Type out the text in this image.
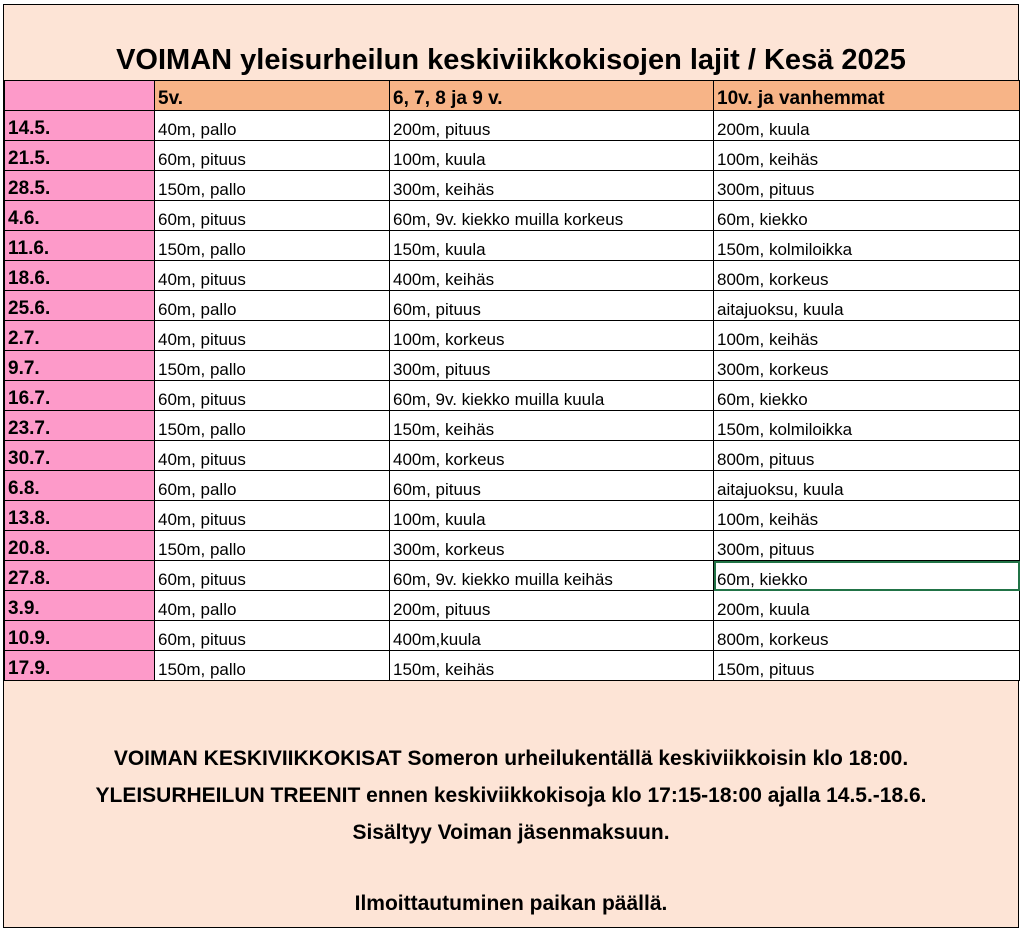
VOIMAN yleisurheilun keskiviikkokisojen lajit / Kesä 2025
	5v.	6, 7, 8 ja 9 v.	10v. ja vanhemmat
14.5.	40m, pallo	200m, pituus	200m, kuula
21.5.	60m, pituus	100m, kuula	100m, keihäs
28.5.	150m, pallo	300m, keihäs	300m, pituus
4.6.	60m, pituus	60m, 9v. kiekko muilla korkeus	60m, kiekko
11.6.	150m, pallo	150m, kuula	150m, kolmiloikka
18.6.	40m, pituus	400m, keihäs	800m, korkeus
25.6.	60m, pallo	60m, pituus	aitajuoksu, kuula
2.7.	40m, pituus	100m, korkeus	100m, keihäs
9.7.	150m, pallo	300m, pituus	300m, korkeus
16.7.	60m, pituus	60m, 9v. kiekko muilla kuula	60m, kiekko
23.7.	150m, pallo	150m, keihäs	150m, kolmiloikka
30.7.	40m, pituus	400m, korkeus	800m, pituus
6.8.	60m, pallo	60m, pituus	aitajuoksu, kuula
13.8.	40m, pituus	100m, kuula	100m, keihäs
20.8.	150m, pallo	300m, korkeus	300m, pituus
27.8.	60m, pituus	60m, 9v. kiekko muilla keihäs	60m, kiekko
3.9.	40m, pallo	200m, pituus	200m, kuula
10.9.	60m, pituus	400m,kuula	800m, korkeus
17.9.	150m, pallo	150m, keihäs	150m, pituus
VOIMAN KESKIVIIKKOKISAT Someron urheilukentällä keskiviikkoisin klo 18:00.
YLEISURHEILUN TREENIT ennen keskiviikkokisoja klo 17:15-18:00 ajalla 14.5.-18.6.
Sisältyy Voiman jäsenmaksuun.
Ilmoittautuminen paikan päällä.
